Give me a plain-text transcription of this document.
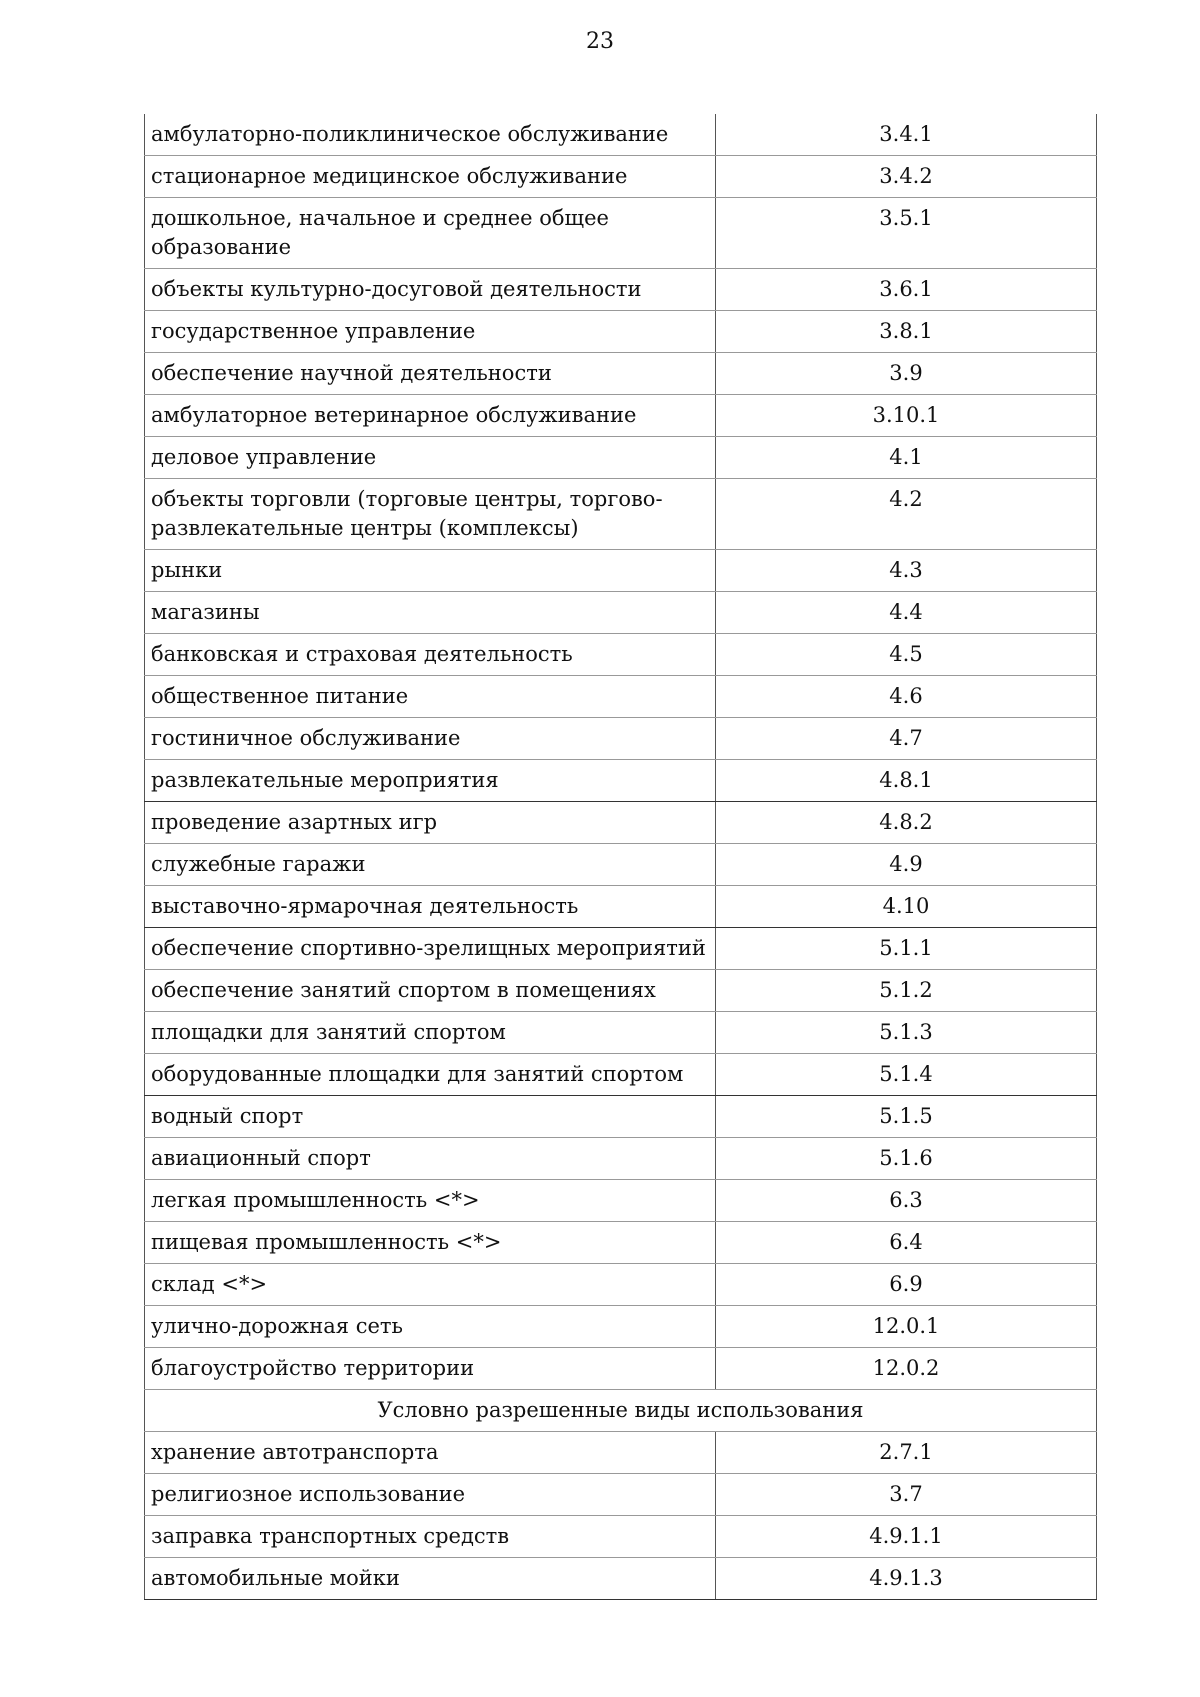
23
амбулаторно-поликлиническое обслуживание	3.4.1
стационарное медицинское обслуживание	3.4.2
дошкольное, начальное и среднее общее образование	3.5.1
объекты культурно-досуговой деятельности	3.6.1
государственное управление	3.8.1
обеспечение научной деятельности	3.9
амбулаторное ветеринарное обслуживание	3.10.1
деловое управление	4.1
объекты торговли (торговые центры, торгово-развлекательные центры (комплексы)	4.2
рынки	4.3
магазины	4.4
банковская и страховая деятельность	4.5
общественное питание	4.6
гостиничное обслуживание	4.7
развлекательные мероприятия	4.8.1
проведение азартных игр	4.8.2
служебные гаражи	4.9
выставочно-ярмарочная деятельность	4.10
обеспечение спортивно-зрелищных мероприятий	5.1.1
обеспечение занятий спортом в помещениях	5.1.2
площадки для занятий спортом	5.1.3
оборудованные площадки для занятий спортом	5.1.4
водный спорт	5.1.5
авиационный спорт	5.1.6
легкая промышленность <*>	6.3
пищевая промышленность <*>	6.4
склад <*>	6.9
улично-дорожная сеть	12.0.1
благоустройство территории	12.0.2
Условно разрешенные виды использования	
хранение автотранспорта	2.7.1
религиозное использование	3.7
заправка транспортных средств	4.9.1.1
автомобильные мойки	4.9.1.3
